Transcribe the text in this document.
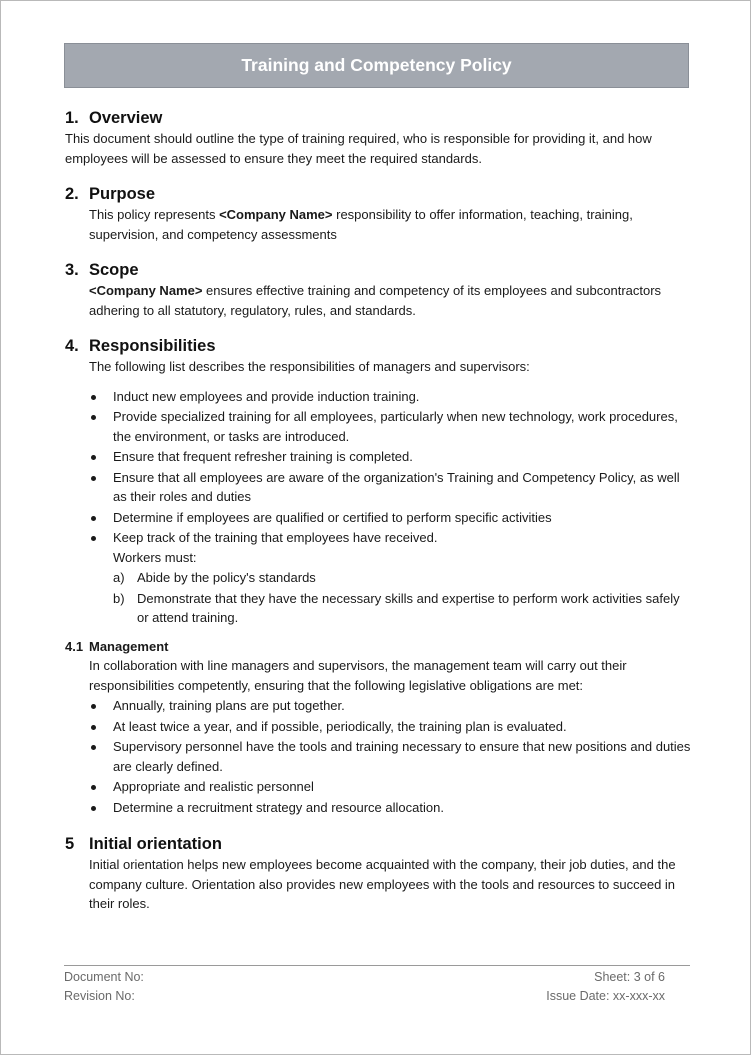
Training and Competency Policy
1. Overview

This document should outline the type of training required, who is responsible for providing it, and how employees will be assessed to ensure they meet the required standards.

2. Purpose

This policy represents <Company Name> responsibility to offer information, teaching, training, supervision, and competency assessments

3. Scope

<Company Name> ensures effective training and competency of its employees and subcontractors adhering to all statutory, regulatory, rules, and standards.

4. Responsibilities

The following list describes the responsibilities of managers and supervisors:

Induct new employees and provide induction training.
Provide specialized training for all employees, particularly when new technology, work procedures, the environment, or tasks are introduced.
Ensure that frequent refresher training is completed.
Ensure that all employees are aware of the organization's Training and Competency Policy, as well as their roles and duties
Determine if employees are qualified or certified to perform specific activities
Keep track of the training that employees have received.
Workers must:
a) Abide by the policy's standards
b) Demonstrate that they have the necessary skills and expertise to perform work activities safely or attend training.
4.1 Management

In collaboration with line managers and supervisors, the management team will carry out their responsibilities competently, ensuring that the following legislative obligations are met:

Annually, training plans are put together.
At least twice a year, and if possible, periodically, the training plan is evaluated.
Supervisory personnel have the tools and training necessary to ensure that new positions and duties are clearly defined.
Appropriate and realistic personnel
Determine a recruitment strategy and resource allocation.
5 Initial orientation

Initial orientation helps new employees become acquainted with the company, their job duties, and the company culture. Orientation also provides new employees with the tools and resources to succeed in their roles.

Document No:	Sheet: 3 of 6
Revision No:	Issue Date: xx-xxx-xx
